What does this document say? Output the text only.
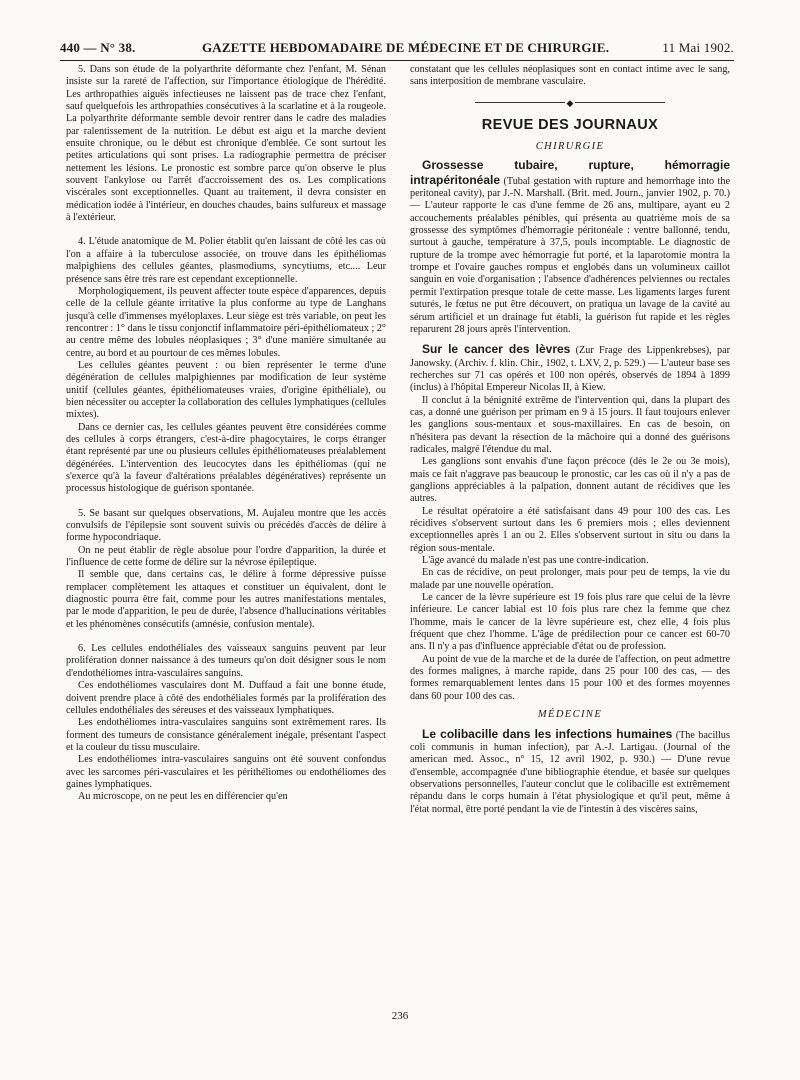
440 — N° 38.	GAZETTE HEBDOMADAIRE DE MÉDECINE ET DE CHIRURGIE.	11 Mai 1902.

5. Dans son étude de la polyarthrite déformante chez l'enfant, M. Sénan insiste sur la rareté de l'affection, sur l'importance étiologique de l'hérédité. Les arthropathies aiguës infectieuses ne laissent pas de trace chez l'enfant, sauf quelquefois les arthropathies consécutives à la scarlatine et à la rougeole. La polyarthrite déformante semble devoir rentrer dans le cadre des maladies par ralentissement de la nutrition. Le début est aigu et la marche devient ensuite chronique, ou le début est chronique d'emblée. Ce sont surtout les petites articulations qui sont prises. La radiographie permettra de préciser nettement les lésions. Le pronostic est sombre parce qu'on observe le plus souvent l'ankylose ou l'arrêt d'accroissement des os. Les complications viscérales sont exceptionnelles. Quant au traitement, il devra consister en médication iodée à l'intérieur, en douches chaudes, bains sulfureux et massage à l'extérieur.

4. L'étude anatomique de M. Polier établit qu'en laissant de côté les cas où l'on a affaire à la tuberculose associée, on trouve dans les épithéliomas malpighiens des cellules géantes, plasmodiums, syncytiums, etc.... Leur présence sans être très rare est cependant exceptionnelle.

Morphologiquement, ils peuvent affecter toute espèce d'apparences, depuis celle de la cellule géante irritative la plus conforme au type de Langhans jusqu'à celle d'immenses myéloplaxes. Leur siège est très variable, on peut les rencontrer : 1° dans le tissu conjonctif inflammatoire péri-épithéliomateux ; 2° au centre même des lobules néoplasiques ; 3° d'une manière simultanée au centre, au bord et au pourtour de ces mêmes lobules.

Les cellules géantes peuvent : ou bien représenter le terme d'une dégénération de cellules malpighiennes par modification de leur système unitif (cellules géantes, épithéliomateuses vraies, d'origine épithéliale), ou bien nécessiter ou accepter la collaboration des cellules lymphatiques (cellules mixtes).

Dans ce dernier cas, les cellules géantes peuvent être considérées comme des cellules à corps étrangers, c'est-à-dire phagocytaires, le corps étranger étant représenté par une ou plusieurs cellules épithéliomateuses préalablement dégénérées. L'intervention des leucocytes dans les épithéliomas (qui ne s'exerce qu'à la faveur d'altérations préalables dégénératives) représente un processus histologique de guérison spontanée.

5. Se basant sur quelques observations, M. Aujaleu montre que les accès convulsifs de l'épilepsie sont souvent suivis ou précédés d'accès de délire à forme hypocondriaque.

On ne peut établir de règle absolue pour l'ordre d'apparition, la durée et l'influence de cette forme de délire sur la névrose épileptique.

Il semble que, dans certains cas, le délire à forme dépressive puisse remplacer complètement les attaques et constituer un équivalent, dont le diagnostic pourra être fait, comme pour les autres manifestations mentales, par le mode d'apparition, le peu de durée, l'absence d'hallucinations véritables et les phénomènes consécutifs (amnésie, confusion mentale).

6. Les cellules endothéliales des vaisseaux sanguins peuvent par leur prolifération donner naissance à des tumeurs qu'on doit désigner sous le nom d'endothéliomes intra-vasculaires sanguins.

Ces endothéliomes vasculaires dont M. Duffaud a fait une bonne étude, doivent prendre place à côté des endothéliales formés par la prolifération des cellules endothéliales des séreuses et des vaisseaux lymphatiques.

Les endothéliomes intra-vasculaires sanguins sont extrêmement rares. Ils forment des tumeurs de consistance généralement inégale, présentant l'aspect et la couleur du tissu musculaire.

Les endothéliomes intra-vasculaires sanguins ont été souvent confondus avec les sarcomes péri-vasculaires et les périthéliomes ou endothéliomes des gaines lymphatiques.

Au microscope, on ne peut les en différencier qu'en

constatant que les cellules néoplasiques sont en contact intime avec le sang, sans interposition de membrane vasculaire.

◆
REVUE DES JOURNAUX
CHIRURGIE

Grossesse tubaire, rupture, hémorragie intrapéritonéale (Tubal gestation with rupture and hemorrhage into the peritoneal cavity), par J.-N. Marshall. (Brit. med. Journ., janvier 1902, p. 70.) — L'auteur rapporte le cas d'une femme de 26 ans, multipare, ayant eu 2 accouchements préalables pénibles, qui présenta au quatrième mois de sa grossesse des symptômes d'hémorragie péritonéale : ventre ballonné, tendu, surtout à gauche, température à 37,5, pouls incomptable. Le diagnostic de rupture de la trompe avec hémorragie fut porté, et la laparotomie montra la trompe et l'ovaire gauches rompus et englobés dans un volumineux caillot sanguin en voie d'organisation ; l'absence d'adhérences pelviennes ou rectales permit l'extirpation presque totale de cette masse. Les ligaments larges furent suturés, le fœtus ne put être découvert, on pratiqua un lavage de la cavité au sérum artificiel et un drainage fut établi, la guérison fut rapide et les règles reparurent 28 jours après l'intervention.

Sur le cancer des lèvres (Zur Frage des Lippenkrebses), par Janowsky. (Archiv. f. klin. Chir., 1902, t. LXV, 2, p. 529.) — L'auteur base ses recherches sur 71 cas opérés et 100 non opérés, observés de 1894 à 1899 (inclus) à l'hôpital Empereur Nicolas II, à Kiew.

Il conclut à la bénignité extrême de l'intervention qui, dans la plupart des cas, a donné une guérison per primam en 9 à 15 jours. Il faut toujours enlever les ganglions sous-mentaux et sous-maxillaires. En cas de besoin, on n'hésitera pas devant la résection de la mâchoire qui a donné des guérisons radicales, malgré l'étendue du mal.

Les ganglions sont envahis d'une façon précoce (dès le 2e ou 3e mois), mais ce fait n'aggrave pas beaucoup le pronostic, car les cas où il n'y a pas de ganglions appréciables à la palpation, donnent autant de récidives que les autres.

Le résultat opératoire a été satisfaisant dans 49 pour 100 des cas. Les récidives s'observent surtout dans les 6 premiers mois ; elles deviennent exceptionnelles après 1 an ou 2. Elles s'observent surtout in situ ou dans la région sous-mentale.

L'âge avancé du malade n'est pas une contre-indication.

En cas de récidive, on peut prolonger, mais pour peu de temps, la vie du malade par une nouvelle opération.

Le cancer de la lèvre supérieure est 19 fois plus rare que celui de la lèvre inférieure. Le cancer labial est 10 fois plus rare chez la femme que chez l'homme, mais le cancer de la lèvre supérieure est, chez elle, 4 fois plus fréquent que chez l'homme. L'âge de prédilection pour ce cancer est 60-70 ans. Il n'y a pas d'influence appréciable d'état ou de profession.

Au point de vue de la marche et de la durée de l'affection, on peut admettre des formes malignes, à marche rapide, dans 25 pour 100 des cas, — des formes remarquablement lentes dans 15 pour 100 et des formes moyennes dans 60 pour 100 des cas.

MÉDECINE

Le colibacille dans les infections humaines (The bacillus coli communis in human infection), par A.-J. Lartigau. (Journal of the american med. Assoc., n° 15, 12 avril 1902, p. 930.) — D'une revue d'ensemble, accompagnée d'une bibliographie étendue, et basée sur quelques observations personnelles, l'auteur conclut que le colibacille est extrêmement répandu dans le corps humain à l'état physiologique et qu'il peut, même à l'état normal, être porté pendant la vie de l'intestin à des viscères sains,

236
